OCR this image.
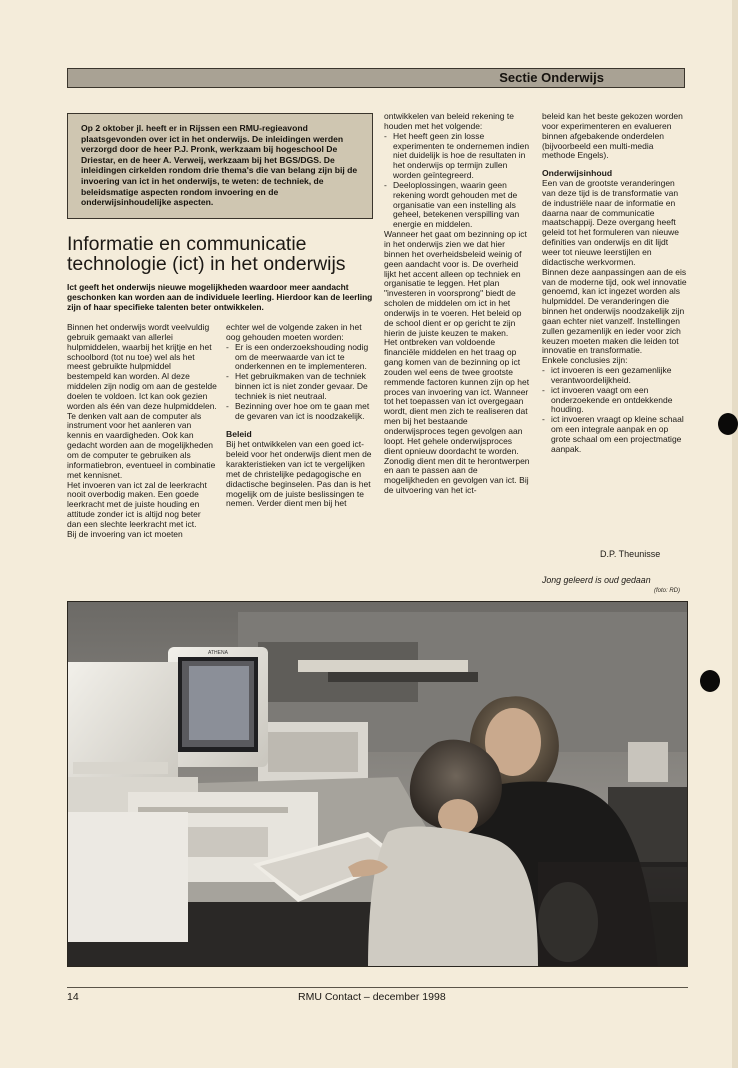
Sectie Onderwijs
Op 2 oktober jl. heeft er in Rijssen een RMU-regieavond plaatsgevonden over ict in het onderwijs. De inleidingen werden verzorgd door de heer P.J. Pronk, werkzaam bij hogeschool De Driestar, en de heer A. Verweij, werkzaam bij het BGS/DGS. De inleidingen cirkelden rondom drie thema's die van belang zijn bij de invoering van ict in het onderwijs, te weten: de techniek, de beleidsmatige aspecten rondom invoering en de onderwijsinhoudelijke aspecten.
Informatie en communicatie technologie (ict) in het onderwijs
Ict geeft het onderwijs nieuwe mogelijkheden waardoor meer aandacht geschonken kan worden aan de individuele leerling. Hierdoor kan de leerling zijn of haar specifieke talenten beter ontwikkelen.

Binnen het onderwijs wordt veelvuldig gebruik gemaakt van allerlei hulpmiddelen, waarbij het krijtje en het schoolbord (tot nu toe) wel als het meest gebruikte hulpmiddel bestempeld kan worden. Al deze middelen zijn nodig om aan de gestelde doelen te voldoen. Ict kan ook gezien worden als één van deze hulpmiddelen. Te denken valt aan de computer als instrument voor het aanleren van kennis en vaardigheden. Ook kan gedacht worden aan de mogelijkheden om de computer te gebruiken als informatiebron, eventueel in combinatie met kennisnet.

Het invoeren van ict zal de leerkracht nooit overbodig maken. Een goede leerkracht met de juiste houding en attitude zonder ict is altijd nog beter dan een slechte leerkracht met ict.

Bij de invoering van ict moeten

echter wel de volgende zaken in het oog gehouden moeten worden:

- Er is een onderzoekshouding nodig om de meerwaarde van ict te onderkennen en te implementeren.
- Het gebruikmaken van de techniek binnen ict is niet zonder gevaar. De techniek is niet neutraal.
- Bezinning over hoe om te gaan met de gevaren van ict is noodzakelijk.
Beleid

Bij het ontwikkelen van een goed ict-beleid voor het onderwijs dient men de karakteristieken van ict te vergelijken met de christelijke pedagogische en didactische beginselen. Pas dan is het mogelijk om de juiste beslissingen te nemen. Verder dient men bij het

ontwikkelen van beleid rekening te houden met het volgende:

- Het heeft geen zin losse experimenten te ondernemen indien niet duidelijk is hoe de resultaten in het onderwijs op termijn zullen worden geïntegreerd.
- Deeloplossingen, waarin geen rekening wordt gehouden met de organisatie van een instelling als geheel, betekenen verspilling van energie en middelen.

Wanneer het gaat om bezinning op ict in het onderwijs zien we dat hier binnen het overheidsbeleid weinig of geen aandacht voor is. De overheid lijkt het accent alleen op techniek en organisatie te leggen. Het plan "investeren in voorsprong" biedt de scholen de middelen om ict in het onderwijs in te voeren. Het beleid op de school dient er op gericht te zijn hierin de juiste keuzen te maken.

Het ontbreken van voldoende financiële middelen en het traag op gang komen van de bezinning op ict zouden wel eens de twee grootste remmende factoren kunnen zijn op het proces van invoering van ict. Wanneer tot het toepassen van ict overgegaan wordt, dient men zich te realiseren dat men bij het bestaande onderwijsproces tegen gevolgen aan loopt. Het gehele onderwijsproces dient opnieuw doordacht te worden.

Zonodig dient men dit te herontwerpen en aan te passen aan de mogelijkheden en gevolgen van ict. Bij de uitvoering van het ict-

beleid kan het beste gekozen worden voor experimenteren en evalueren binnen afgebakende onderdelen (bijvoorbeeld een multi-media methode Engels).

Onderwijsinhoud

Een van de grootste veranderingen van deze tijd is de transformatie van de industriële naar de informatie en daarna naar de communicatie maatschappij. Deze overgang heeft geleid tot het formuleren van nieuwe definities van onderwijs en dit lijdt weer tot nieuwe leerstijlen en didactische werkvormen.

Binnen deze aanpassingen aan de eis van de moderne tijd, ook wel innovatie genoemd, kan ict ingezet worden als hulpmiddel. De veranderingen die binnen het onderwijs noodzakelijk zijn gaan echter niet vanzelf. Instellingen zullen gezamenlijk en ieder voor zich keuzen moeten maken die leiden tot innovatie en transformatie.

Enkele conclusies zijn:

- ict invoeren is een gezamenlijke verantwoordelijkheid.
- ict invoeren vaagt om een onderzoekende en ontdekkende houding.
- ict invoeren vraagt op kleine schaal om een integrale aanpak en op grote schaal om een projectmatige aanpak.
D.P. Theunisse
Jong geleerd is oud gedaan
(foto: RD)
ATHENA
14	RMU Contact – december 1998
